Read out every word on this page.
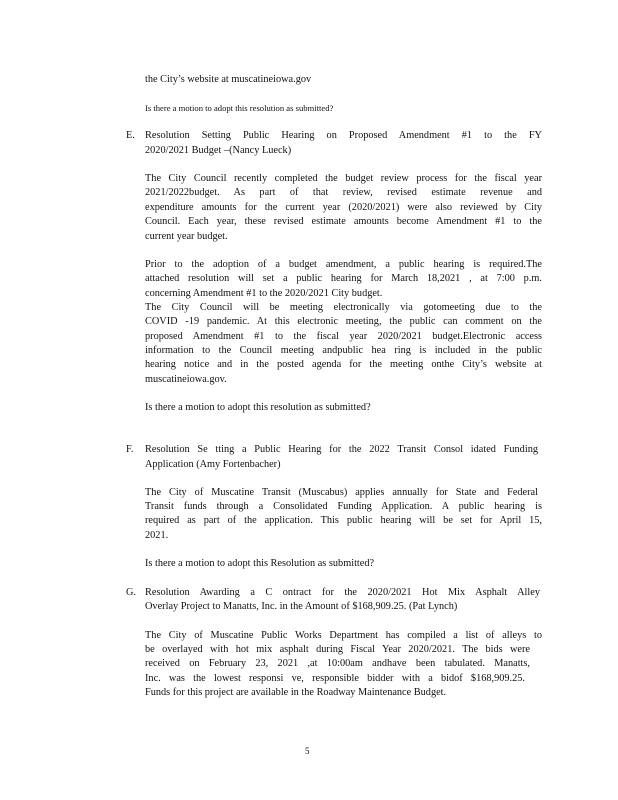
the City’s website at muscatineiowa.gov
Is there a motion to adopt this resolution as submitted?
E. Resolution Setting Public Hearing on Proposed Amendment #1 to the FY
2020/2021 Budget –(Nancy Lueck)
The City Council recently completed the budget review process for the fiscal year
2021/2022budget. As part of that review, revised estimate revenue and
expenditure amounts for the current year (2020/2021) were also reviewed by City
Council. Each year, these revised estimate amounts become Amendment #1 to the
current year budget.
Prior to the adoption of a budget amendment, a public hearing is required.The
attached resolution will set a public hearing for March 18,2021 , at 7:00 p.m.
concerning Amendment #1 to the 2020/2021 City budget.
The City Council will be meeting electronically via gotomeeting due to the
COVID -19 pandemic. At this electronic meeting, the public can comment on the
proposed Amendment #1 to the fiscal year 2020/2021 budget.Electronic access
information to the Council meeting andpublic hea ring is included in the public
hearing notice and in the posted agenda for the meeting onthe City’s website at
muscatineiowa.gov.
Is there a motion to adopt this resolution as submitted?
F. Resolution Se tting a Public Hearing for the 2022 Transit Consol idated Funding
Application (Amy Fortenbacher)
The City of Muscatine Transit (Muscabus) applies annually for State and Federal
Transit funds through a Consolidated Funding Application. A public hearing is
required as part of the application. This public hearing will be set for April 15,
2021.
Is there a motion to adopt this Resolution as submitted?
G. Resolution Awarding a C ontract for the 2020/2021 Hot Mix Asphalt Alley
Overlay Project to Manatts, Inc. in the Amount of $168,909.25. (Pat Lynch)
The City of Muscatine Public Works Department has compiled a list of alleys to
be overlayed with hot mix asphalt during Fiscal Year 2020/2021. The bids were
received on February 23, 2021 ,at 10:00am andhave been tabulated. Manatts,
Inc. was the lowest responsi ve, responsible bidder with a bidof $168,909.25.
Funds for this project are available in the Roadway Maintenance Budget.
5
